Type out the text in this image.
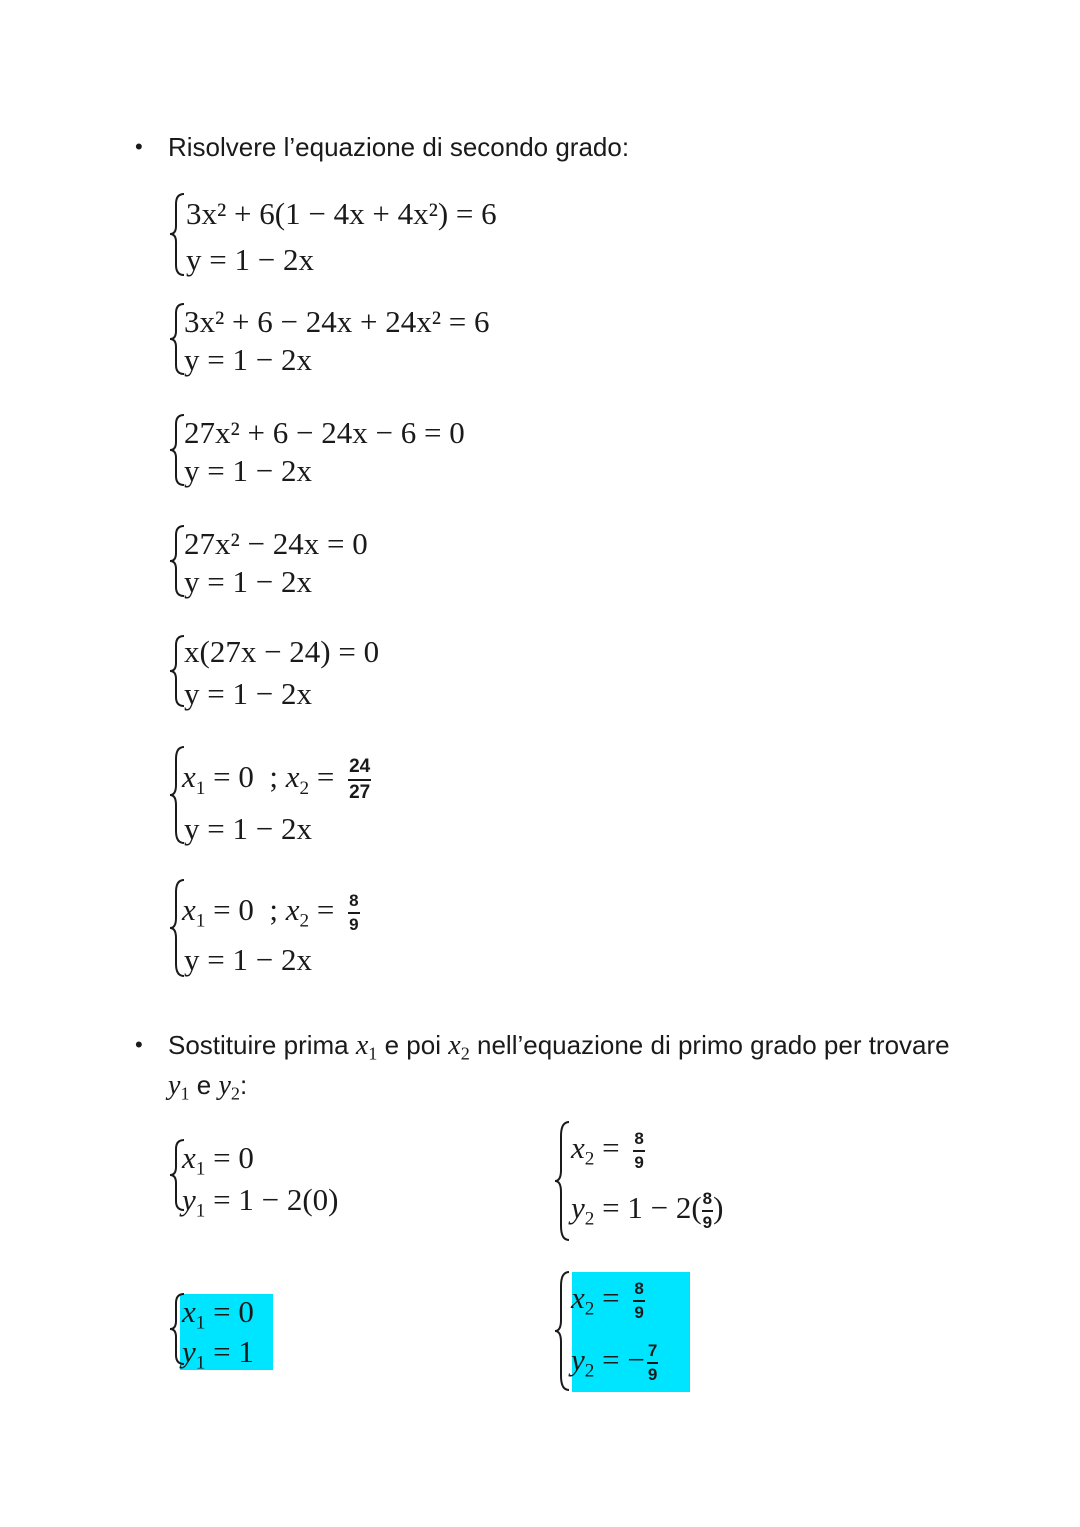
• Risolvere l’equazione di secondo grado:
3x² + 6(1 − 4x + 4x²) = 6
y = 1 − 2x
3x² + 6 − 24x + 24x² = 6
y = 1 − 2x
27x² + 6 − 24x − 6 = 0
y = 1 − 2x
27x² − 24x = 0
y = 1 − 2x
x(27x − 24) = 0
y = 1 − 2x
$x_1 = 0$  ; $x_2 = \frac{24}{27}$
y = 1 − 2x
$x_1 = 0$  ; $x_2 = \frac{8}{9}$
y = 1 − 2x
• Sostituire prima $x_1$ e poi $x_2$ nell’equazione di primo grado per trovare
$y_1$ e $y_2$:
$x_1 = 0$
$y_1 = 1 - 2(0)$
$x_2 = \frac{8}{9}$
$y_2 = 1 - 2( \frac{8}{9}$ )
$x_1 = 0$
$y_1 = 1$
$x_2 = \frac{8}{9}$
$y_2$ = − $\frac{7}{9}$
